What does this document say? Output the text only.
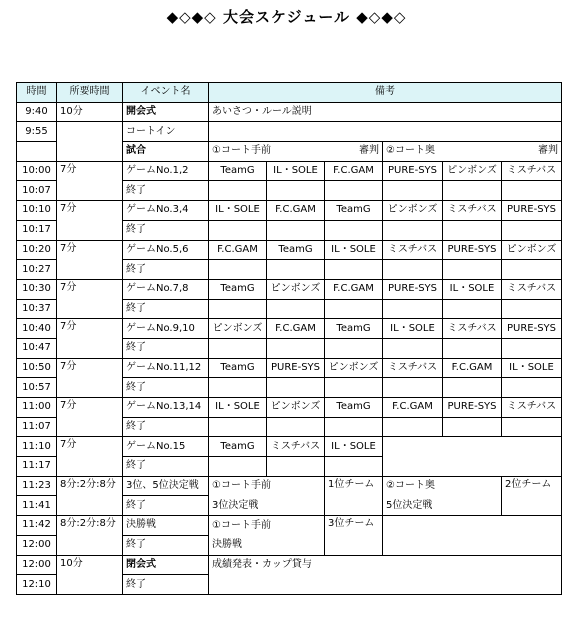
◆◇◆◇ 大会スケジュール ◆◇◆◇
時間	所要時間	イベント名	備考					
9:40	10分	開会式	あいさつ・ルール説明					
9:55		コートイン						
		試合	①コート手前 審判			②コート奥 審判		

10:00	7分	ゲームNo.1,2	TeamG	IL・SOLE	F.C.GAM	PURE-SYS	ピンボンズ	ミスチバス
10:07		終了						
10:10	7分	ゲームNo.3,4	IL・SOLE	F.C.GAM	TeamG	ピンボンズ	ミスチバス	PURE-SYS
10:17		終了						
10:20	7分	ゲームNo.5,6	F.C.GAM	TeamG	IL・SOLE	ミスチバス	PURE-SYS	ピンボンズ
10:27		終了						
10:30	7分	ゲームNo.7,8	TeamG	ピンボンズ	F.C.GAM	PURE-SYS	IL・SOLE	ミスチバス
10:37		終了						
10:40	7分	ゲームNo.9,10	ピンボンズ	F.C.GAM	TeamG	IL・SOLE	ミスチバス	PURE-SYS
10:47		終了						
10:50	7分	ゲームNo.11,12	TeamG	PURE-SYS	ピンボンズ	ミスチバス	F.C.GAM	IL・SOLE
10:57		終了						
11:00	7分	ゲームNo.13,14	IL・SOLE	ピンボンズ	TeamG	F.C.GAM	PURE-SYS	ミスチバス
11:07		終了						
11:10	7分	ゲームNo.15	TeamG	ミスチバス	IL・SOLE			
11:17		終了						
11:23	8分:2分:8分	3位、5位決定戦	①コート手前		1位チーム	②コート奥		2位チーム
11:41		終了	3位決定戦			5位決定戦		
11:42	8分:2分:8分	決勝戦	①コート手前		3位チーム			
12:00		終了	決勝戦					
12:00	10分	閉会式	成績発表・カップ貸与					
12:10		終了						
